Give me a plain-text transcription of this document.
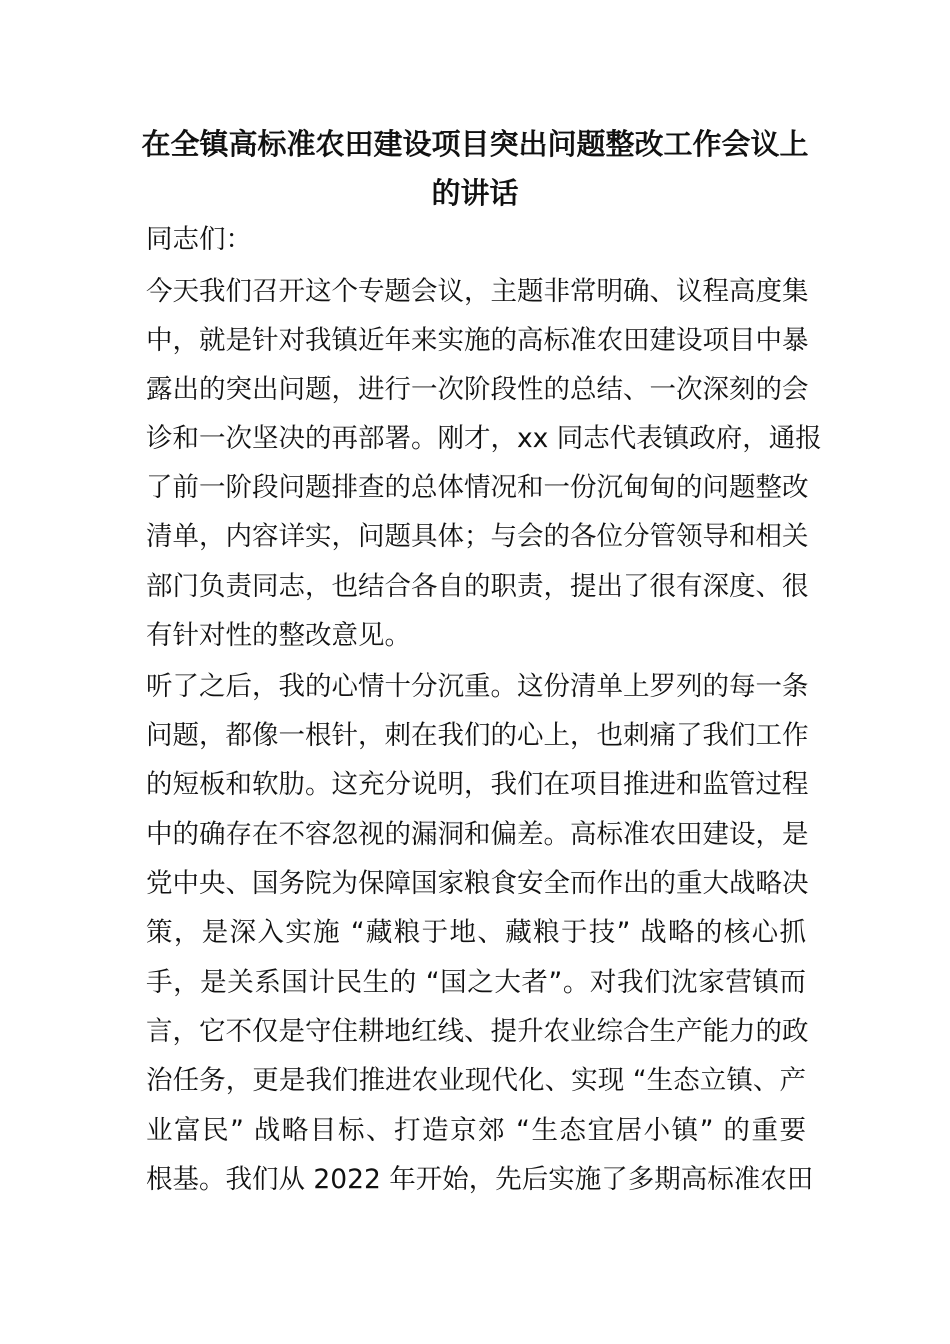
在全镇高标准农田建设项目突出问题整改工作会议上
的讲话

同志们：

今天我们召开这个专题会议，主题非常明确、议程高度集

中，就是针对我镇近年来实施的高标准农田建设项目中暴

露出的突出问题，进行一次阶段性的总结、一次深刻的会

诊和一次坚决的再部署。刚才，xx 同志代表镇政府，通报

了前一阶段问题排查的总体情况和一份沉甸甸的问题整改

清单，内容详实，问题具体；与会的各位分管领导和相关

部门负责同志，也结合各自的职责，提出了很有深度、很

有针对性的整改意见。

听了之后，我的心情十分沉重。这份清单上罗列的每一条

问题，都像一根针，刺在我们的心上，也刺痛了我们工作

的短板和软肋。这充分说明，我们在项目推进和监管过程

中的确存在不容忽视的漏洞和偏差。高标准农田建设，是

党中央、国务院为保障国家粮食安全而作出的重大战略决

策，是深入实施 “藏粮于地、藏粮于技” 战略的核心抓

手，是关系国计民生的 “国之大者”。对我们沈家营镇而

言，它不仅是守住耕地红线、提升农业综合生产能力的政

治任务，更是我们推进农业现代化、实现 “生态立镇、产

业富民” 战略目标、打造京郊 “生态宜居小镇” 的重要

根基。我们从 2022 年开始，先后实施了多期高标准农田
